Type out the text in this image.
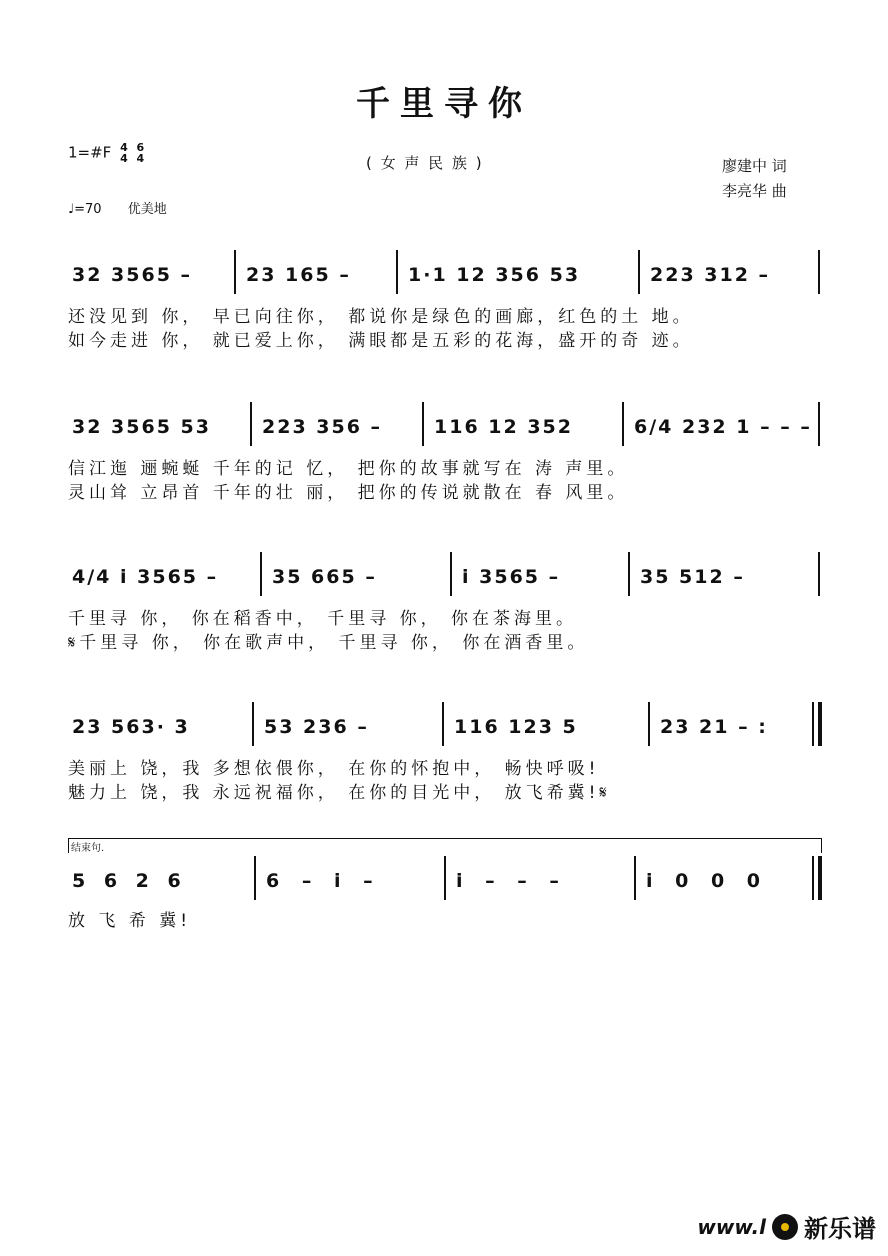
千里寻你
1=#F 4
4

6
4
♩=70 优美地
( 女 声 民 族 )	廖建中 词
李亮华 曲
32 3565 –	23 165 –	1·1 12 356 53	223 312 –
还没见到 你， 早已向往你， 都说你是绿色的画廊，红色的土 地。
如今走进 你， 就已爱上你， 满眼都是五彩的花海，盛开的奇 迹。
32 3565 53	223 356 –	116 12 352	6/4 232 1 – – –
信江迤 逦蜿蜒 千年的记 忆， 把你的故事就写在 涛 声里。
灵山耸 立昂首 千年的壮 丽， 把你的传说就散在 春 风里。
4/4 i 3565 –	35 665 –	i 3565 –	35 512 –
千里寻 你， 你在稻香中， 千里寻 你， 你在茶海里。
𝄋千里寻 你， 你在歌声中， 千里寻 你， 你在酒香里。
23 563· 3	53 236 –	116 123 5	23 21 – :
美丽上 饶，我 多想依偎你， 在你的怀抱中， 畅快呼吸!
魅力上 饶，我 永远祝福你， 在你的目光中， 放飞希冀!𝄋
结束句.
5 6 2 6	6 – i –	i – – –	i 0 0 0
放 飞 希 冀!
www.l 新乐谱
